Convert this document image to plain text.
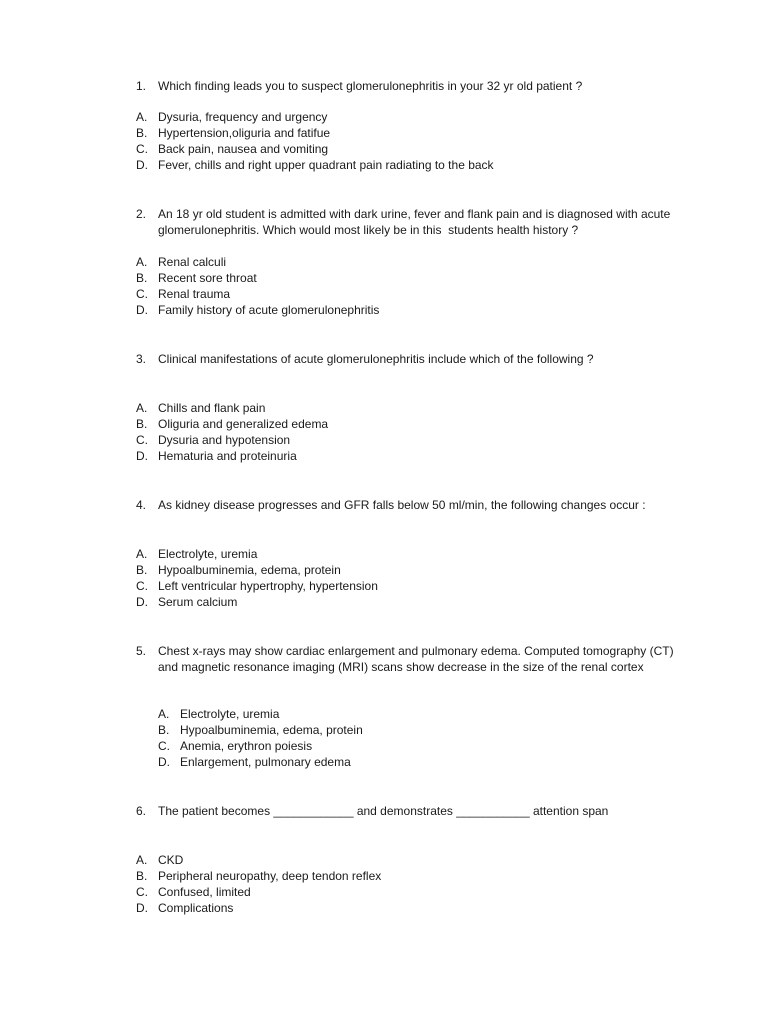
1. Which finding leads you to suspect glomerulonephritis in your 32 yr old patient ?
A. Dysuria, frequency and urgency
B. Hypertension,oliguria and fatifue
C. Back pain, nausea and vomiting
D. Fever, chills and right upper quadrant pain radiating to the back
2. An 18 yr old student is admitted with dark urine, fever and flank pain and is diagnosed with acute glomerulonephritis. Which would most likely be in this  students health history ?
A. Renal calculi
B. Recent sore throat
C. Renal trauma
D. Family history of acute glomerulonephritis
3. Clinical manifestations of acute glomerulonephritis include which of the following ?
A. Chills and flank pain
B. Oliguria and generalized edema
C. Dysuria and hypotension
D. Hematuria and proteinuria
4. As kidney disease progresses and GFR falls below 50 ml/min, the following changes occur :
A. Electrolyte, uremia
B. Hypoalbuminemia, edema, protein
C. Left ventricular hypertrophy, hypertension
D. Serum calcium
5. Chest x-rays may show cardiac enlargement and pulmonary edema. Computed tomography (CT) and magnetic resonance imaging (MRI) scans show decrease in the size of the renal cortex
A. Electrolyte, uremia
B. Hypoalbuminemia, edema, protein
C. Anemia, erythron poiesis
D. Enlargement, pulmonary edema
6. The patient becomes ____________ and demonstrates ___________ attention span
A. CKD
B. Peripheral neuropathy, deep tendon reflex
C. Confused, limited
D. Complications
